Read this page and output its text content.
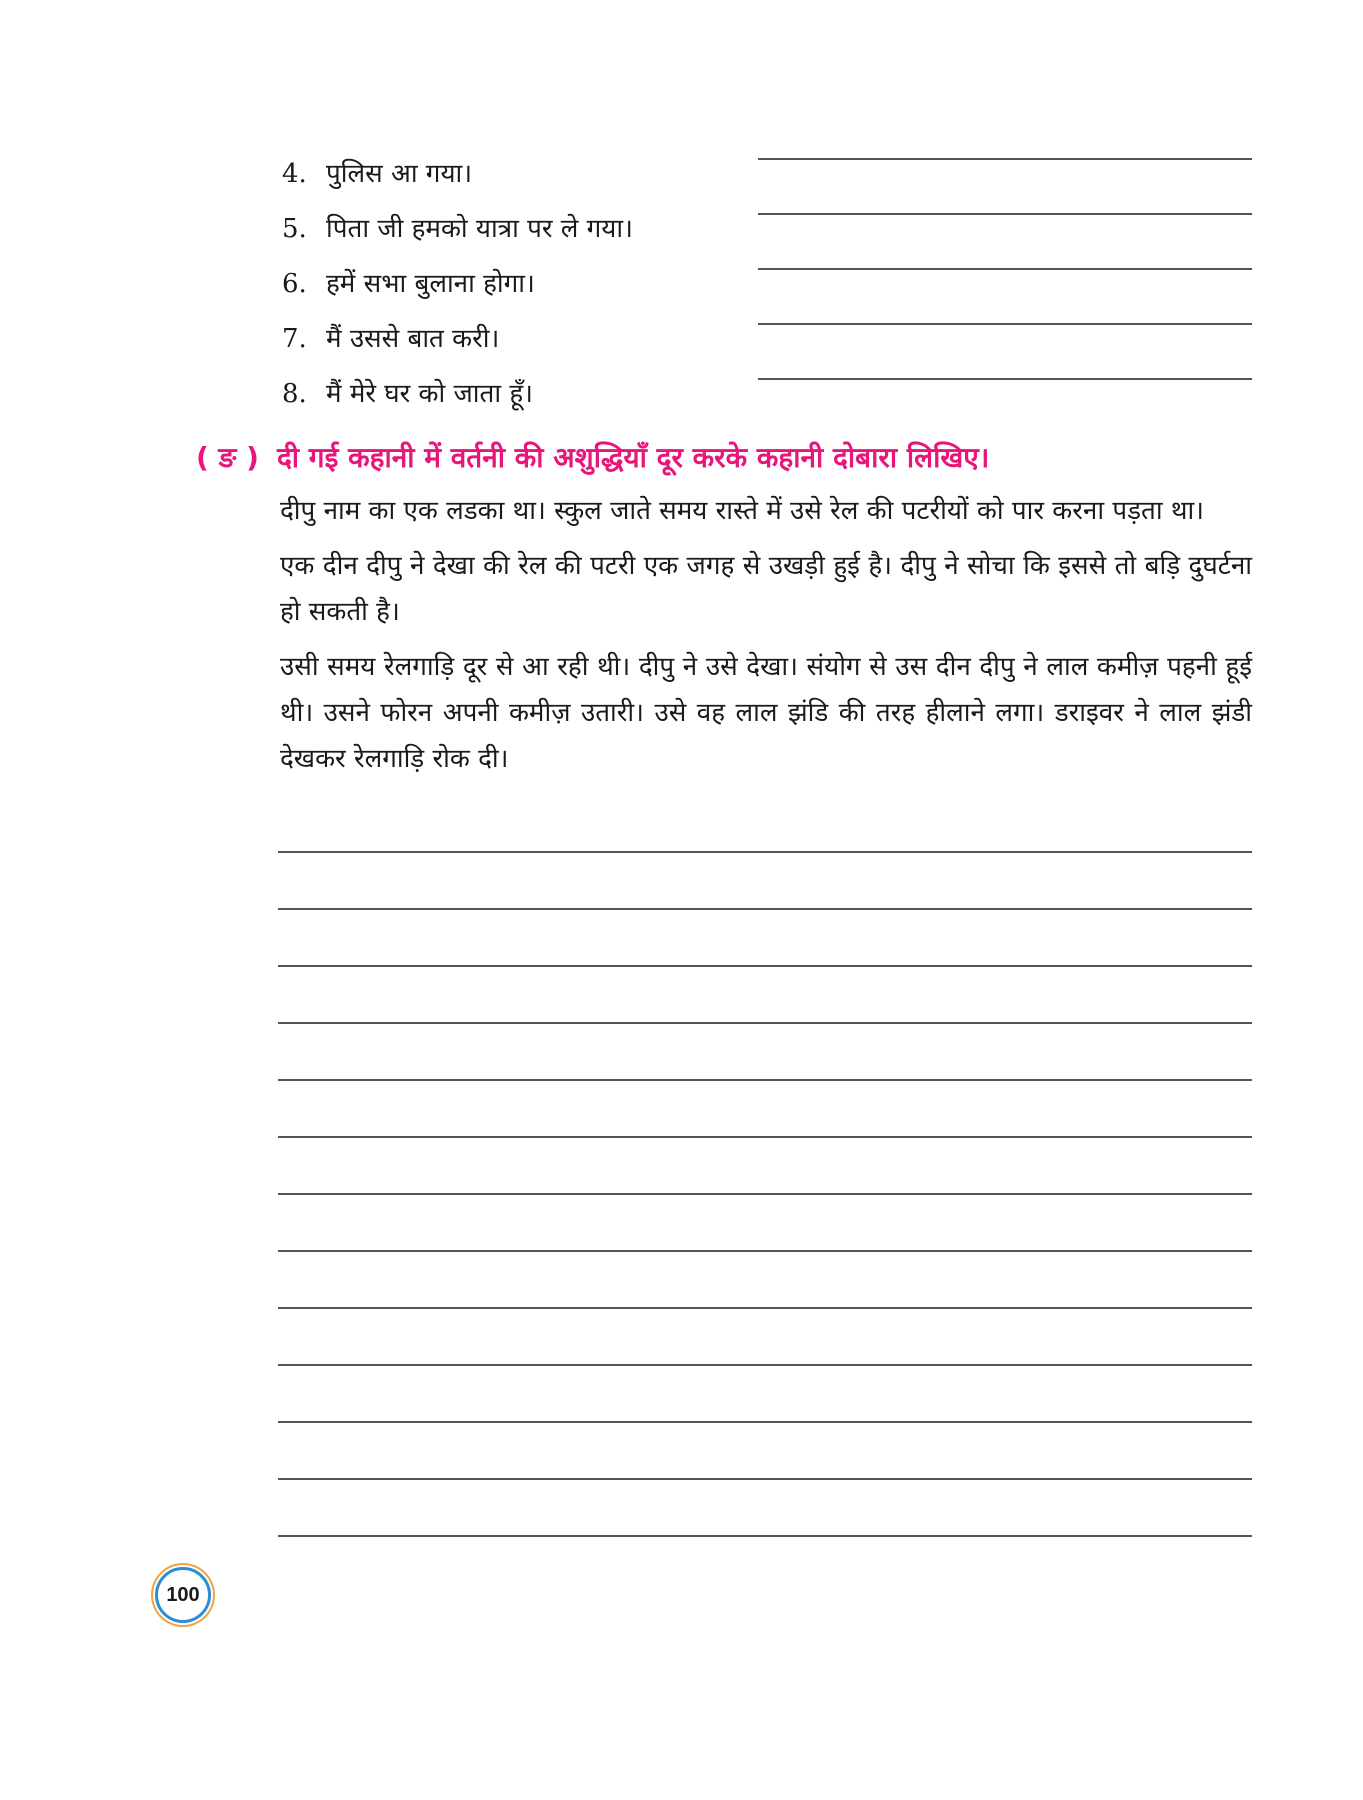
4. पुलिस आ गया।
5. पिता जी हमको यात्रा पर ले गया।
6. हमें सभा बुलाना होगा।
7. मैं उससे बात करी।
8. मैं मेरे घर को जाता हूँ।
( ङ ) दी गई कहानी में वर्तनी की अशुद्धियाँ दूर करके कहानी दोबारा लिखिए।

दीपु नाम का एक लडका था। स्कुल जाते समय रास्ते में उसे रेल की पटरीयों को पार करना पड़ता था।

एक दीन दीपु ने देखा की रेल की पटरी एक जगह से उखड़ी हुई है। दीपु ने सोचा कि इससे तो बड़ि दुघर्टना हो सकती है।

उसी समय रेलगाड़ि दूर से आ रही थी। दीपु ने उसे देखा। संयोग से उस दीन दीपु ने लाल कमीज़ पहनी हूई थी। उसने फोरन अपनी कमीज़ उतारी। उसे वह लाल झंडि की तरह हीलाने लगा। डराइवर ने लाल झंडी देखकर रेलगाड़ि रोक दी।

100
